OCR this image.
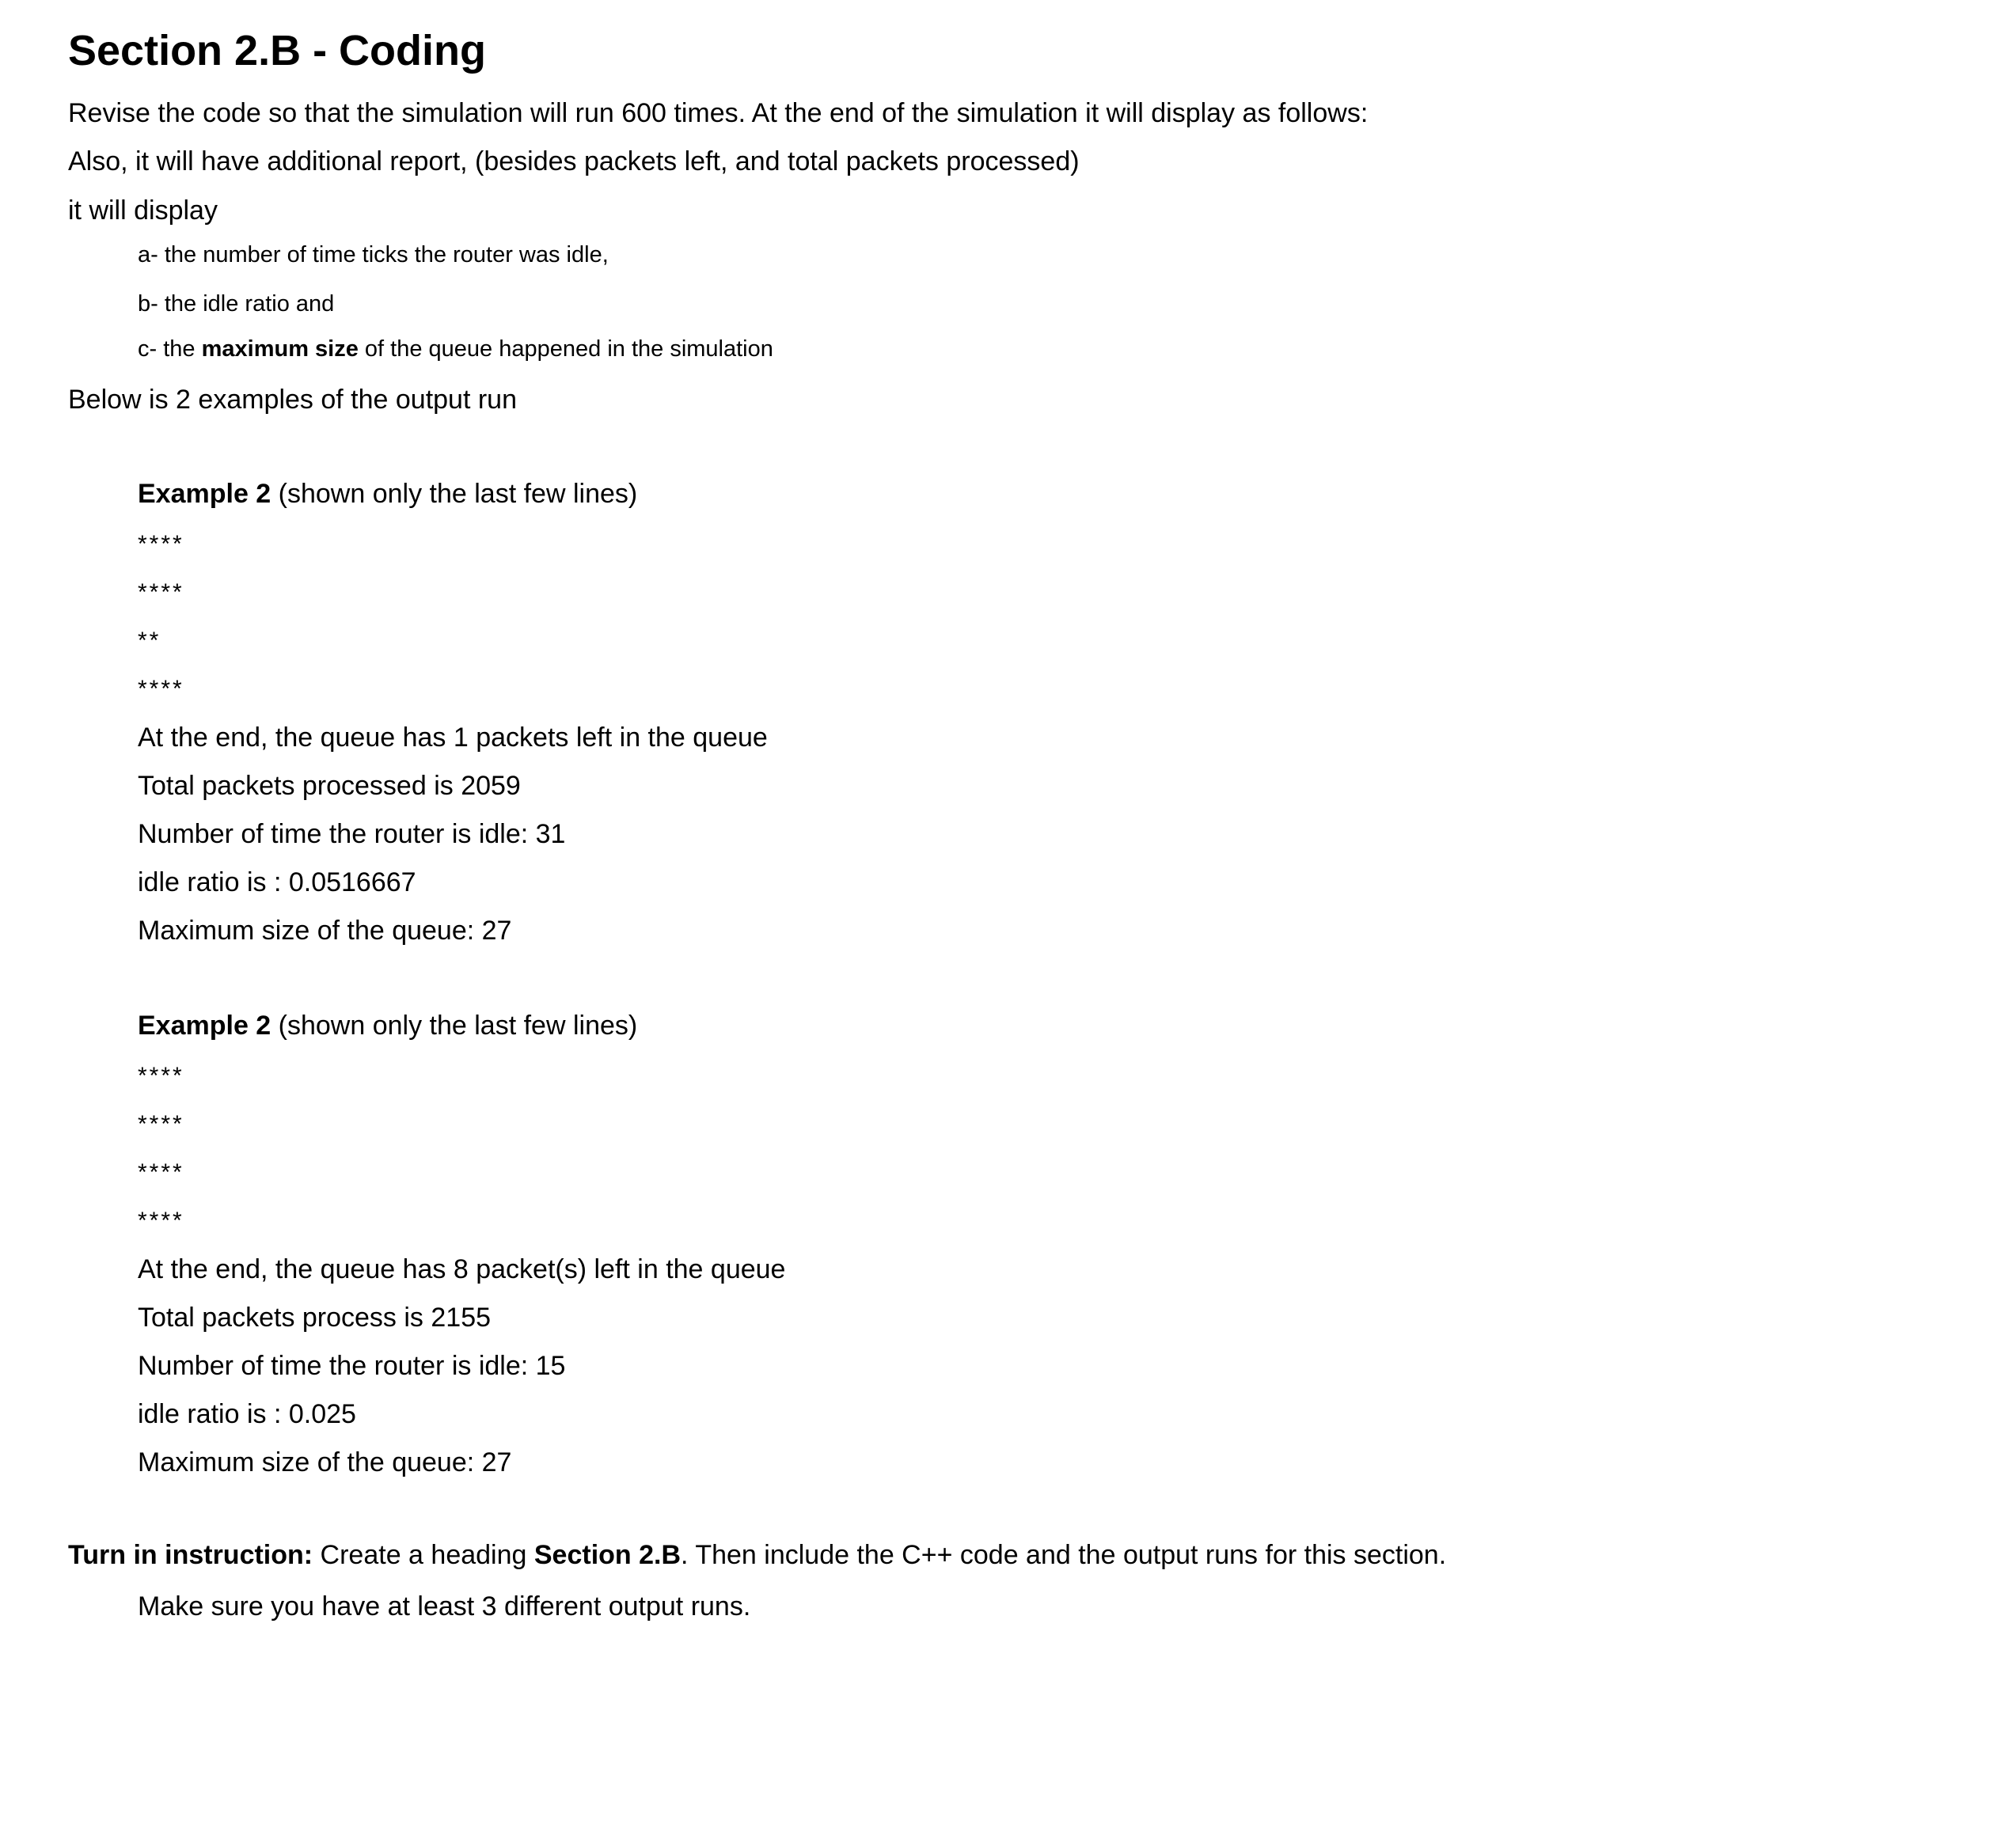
Section 2.B - Coding
Revise the code so that the simulation will run 600 times. At the end of the simulation it will display as follows:
Also, it will have additional report, (besides packets left, and total packets processed)
it will display
a- the number of time ticks the router was idle,
b- the idle ratio and
c- the maximum size of the queue happened in the simulation
Below is 2 examples of the output run
Example 2 (shown only the last few lines)
****
****
**
****
At the end, the queue has 1 packets left in the queue
Total packets processed is 2059
Number of time the router is idle: 31
idle ratio is : 0.0516667
Maximum size of the queue: 27
Example 2 (shown only the last few lines)
****
****
****
****
At the end, the queue has 8 packet(s) left in the queue
Total packets process is 2155
Number of time the router is idle: 15
idle ratio is : 0.025
Maximum size of the queue: 27
Turn in instruction: Create a heading Section 2.B. Then include the C++ code and the output runs for this section.
Make sure you have at least 3 different output runs.
